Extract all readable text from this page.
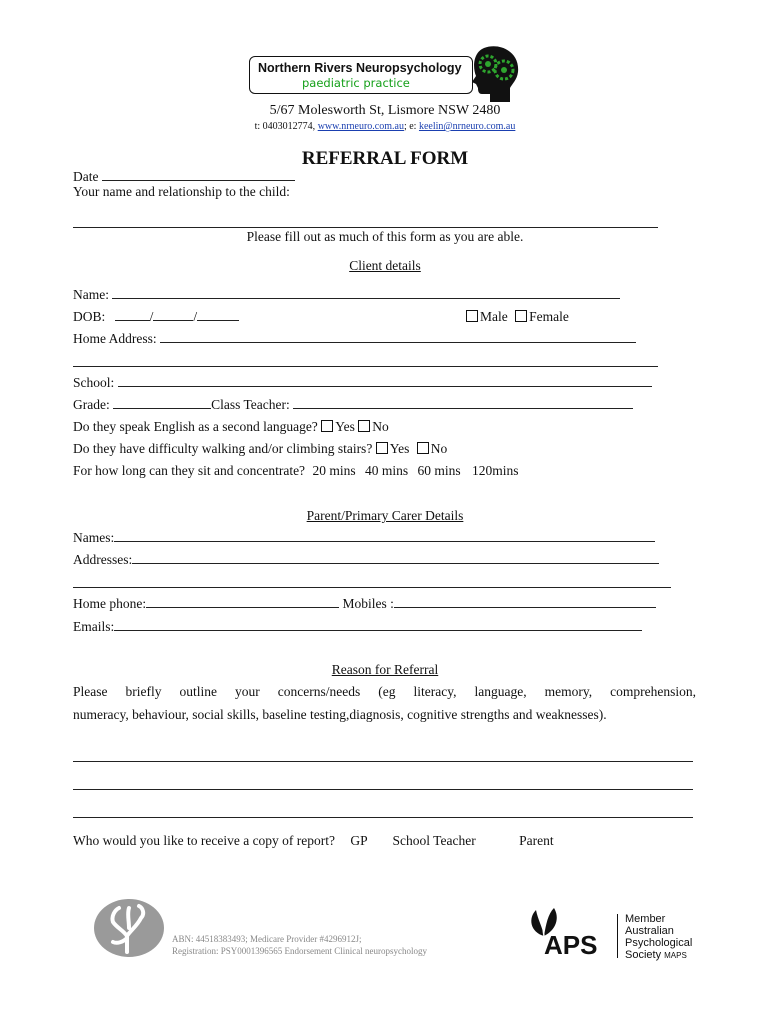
Northern Rivers Neuropsychology
paediatric practice
5/67 Molesworth St, Lismore NSW 2480
t: 0403012774, www.nrneuro.com.au; e: keelin@nrneuro.com.au
REFERRAL FORM
Date
Your name and relationship to the child:
Please fill out as much of this form as you are able.
Client details
Name:
DOB:	/	/	Male Female
Home Address:
School:
Grade:	Class Teacher:
Do they speak English as a second language? Yes No
Do they have difficulty walking and/or climbing stairs? Yes No
For how long can they sit and concentrate? 20 mins 40 mins 60 mins 120mins
Parent/Primary Carer Details
Names:
Addresses:
Home phone:	Mobiles :
Emails:
Reason for Referral
Please briefly outline your concerns/needs (eg literacy, language, memory, comprehension,
numeracy, behaviour, social skills, baseline testing,diagnosis, cognitive strengths and weaknesses).
Who would you like to receive a copy of report? GP School Teacher	Parent
ABN: 44518383493; Medicare Provider #4296912J;
Registration: PSY0001396565 Endorsement Clinical neuropsychology	APS
Member
Australian
Psychological
Society MAPS
